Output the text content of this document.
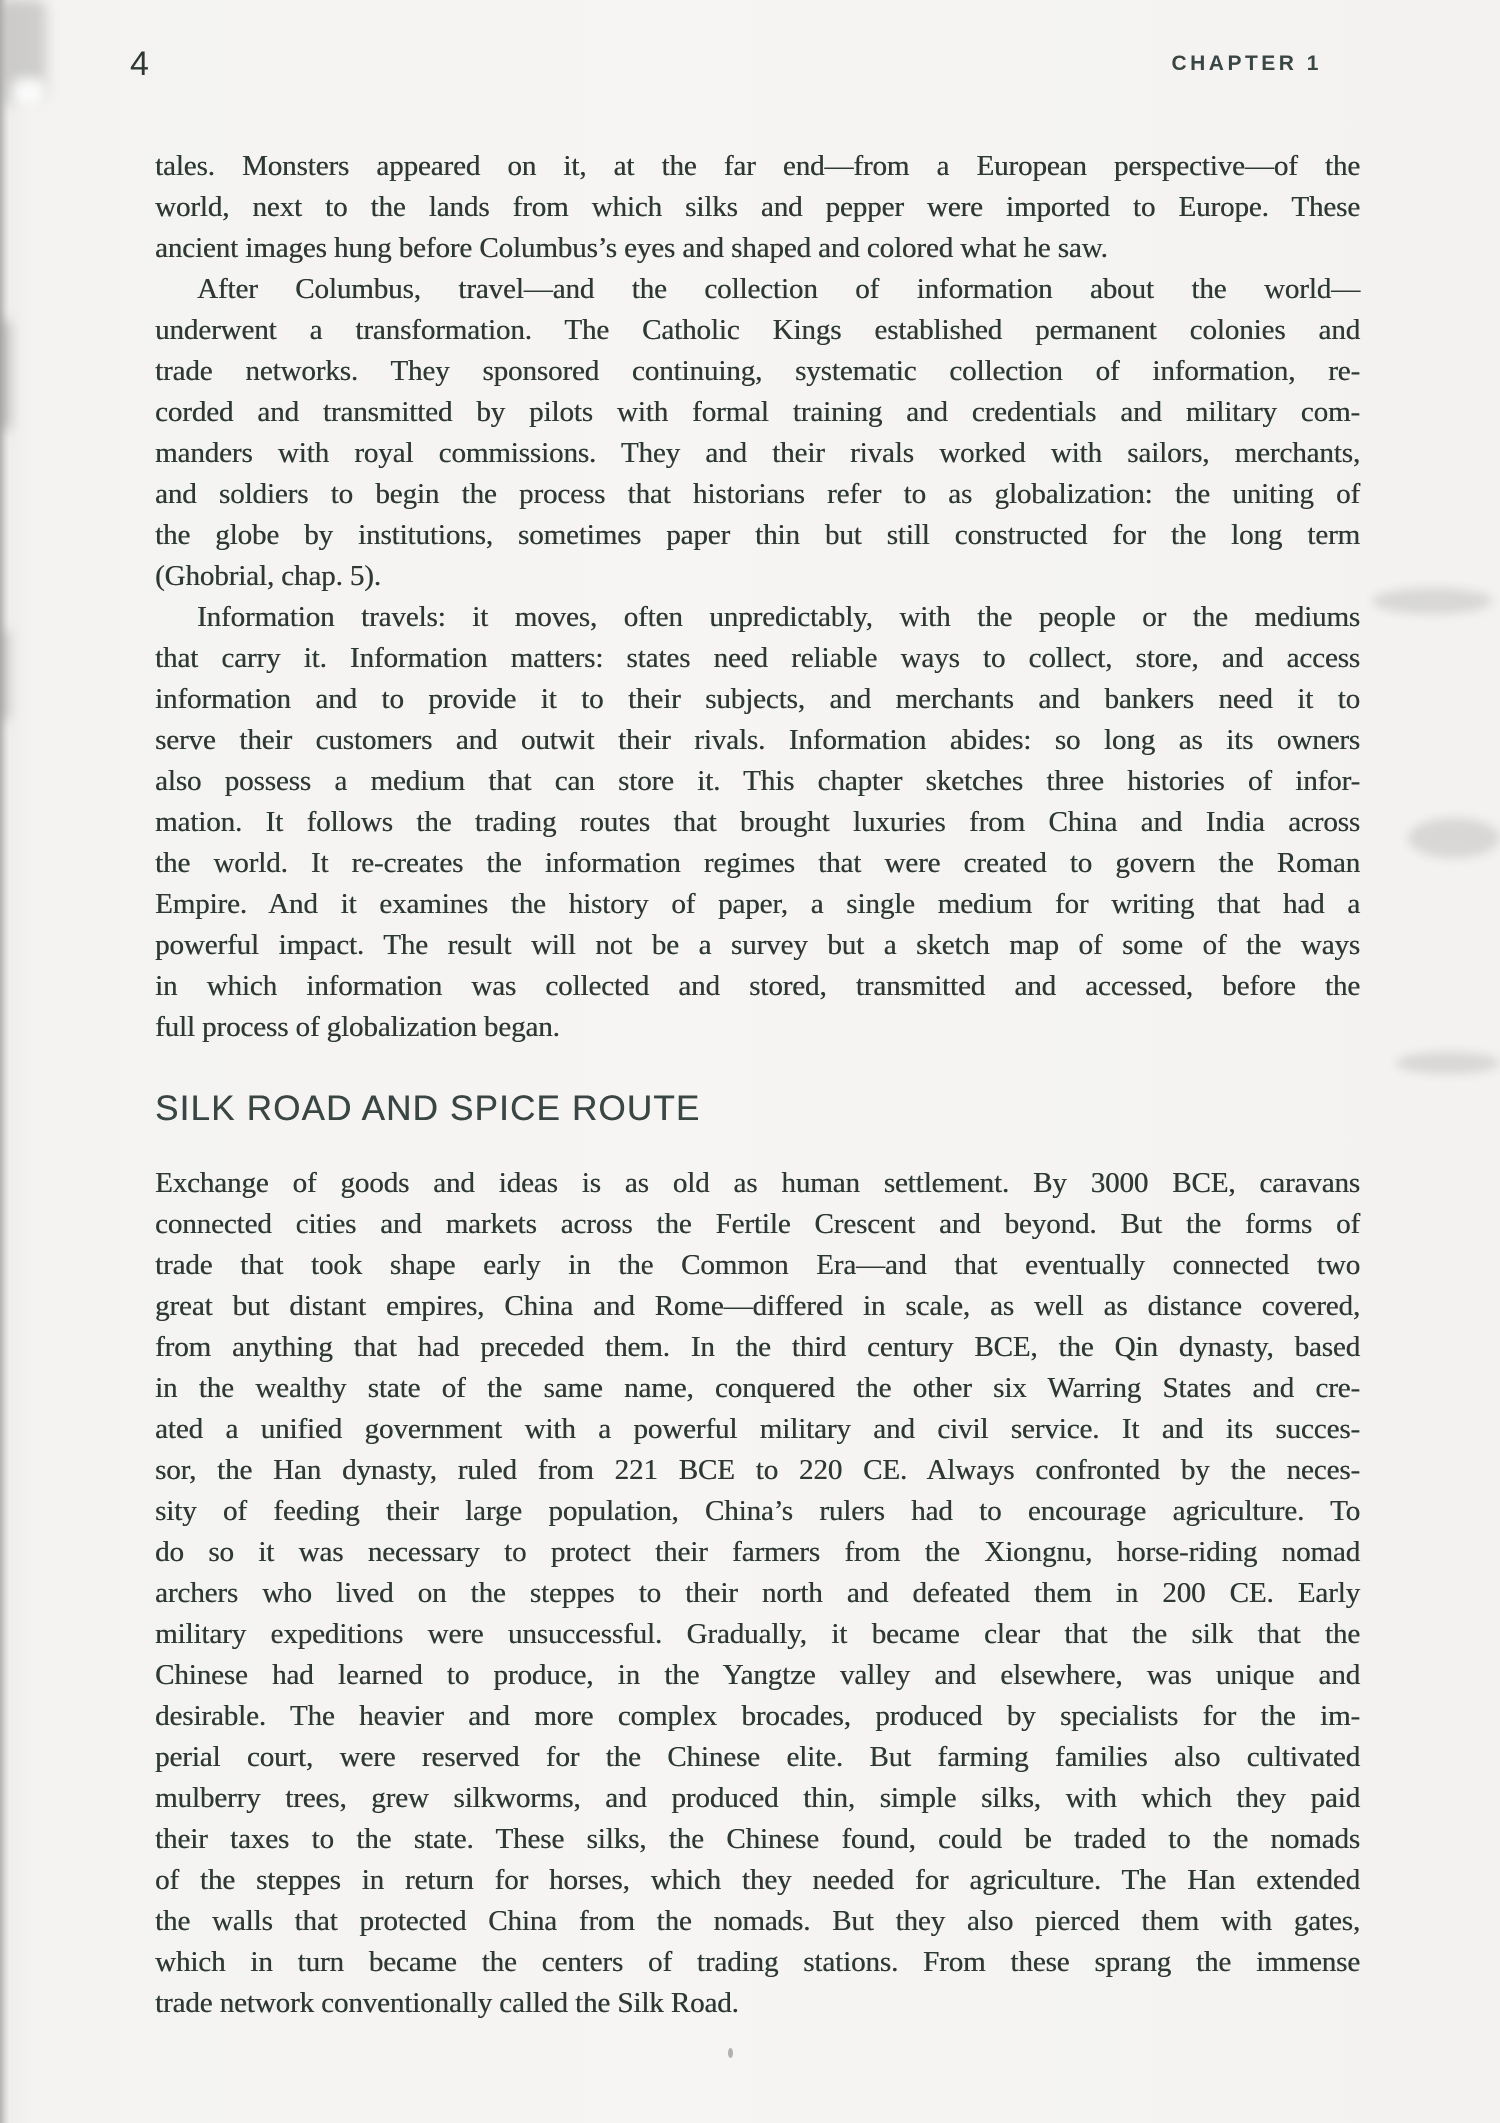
4	CHAPTER 1
tales. Monsters appeared on it, at the far end—from a European perspective—of the
world, next to the lands from which silks and pepper were imported to Europe. These
ancient images hung before Columbus’s eyes and shaped and colored what he saw.
After Columbus, travel—and the collection of information about the world—
underwent a transformation. The Catholic Kings established permanent colonies and
trade networks. They sponsored continuing, systematic collection of information, re-
corded and transmitted by pilots with formal training and credentials and military com-
manders with royal commissions. They and their rivals worked with sailors, merchants,
and soldiers to begin the process that historians refer to as globalization: the uniting of
the globe by institutions, sometimes paper thin but still constructed for the long term
(Ghobrial, chap. 5).
Information travels: it moves, often unpredictably, with the people or the mediums
that carry it. Information matters: states need reliable ways to collect, store, and access
information and to provide it to their subjects, and merchants and bankers need it to
serve their customers and outwit their rivals. Information abides: so long as its owners
also possess a medium that can store it. This chapter sketches three histories of infor-
mation. It follows the trading routes that brought luxuries from China and India across
the world. It re-creates the information regimes that were created to govern the Roman
Empire. And it examines the history of paper, a single medium for writing that had a
powerful impact. The result will not be a survey but a sketch map of some of the ways
in which information was collected and stored, transmitted and accessed, before the
full process of globalization began.
SILK ROAD AND SPICE ROUTE
Exchange of goods and ideas is as old as human settlement. By 3000 BCE, caravans
connected cities and markets across the Fertile Crescent and beyond. But the forms of
trade that took shape early in the Common Era—and that eventually connected two
great but distant empires, China and Rome—differed in scale, as well as distance covered,
from anything that had preceded them. In the third century BCE, the Qin dynasty, based
in the wealthy state of the same name, conquered the other six Warring States and cre-
ated a unified government with a powerful military and civil service. It and its succes-
sor, the Han dynasty, ruled from 221 BCE to 220 CE. Always confronted by the neces-
sity of feeding their large population, China’s rulers had to encourage agriculture. To
do so it was necessary to protect their farmers from the Xiongnu, horse-riding nomad
archers who lived on the steppes to their north and defeated them in 200 CE. Early
military expeditions were unsuccessful. Gradually, it became clear that the silk that the
Chinese had learned to produce, in the Yangtze valley and elsewhere, was unique and
desirable. The heavier and more complex brocades, produced by specialists for the im-
perial court, were reserved for the Chinese elite. But farming families also cultivated
mulberry trees, grew silkworms, and produced thin, simple silks, with which they paid
their taxes to the state. These silks, the Chinese found, could be traded to the nomads
of the steppes in return for horses, which they needed for agriculture. The Han extended
the walls that protected China from the nomads. But they also pierced them with gates,
which in turn became the centers of trading stations. From these sprang the immense
trade network conventionally called the Silk Road.
